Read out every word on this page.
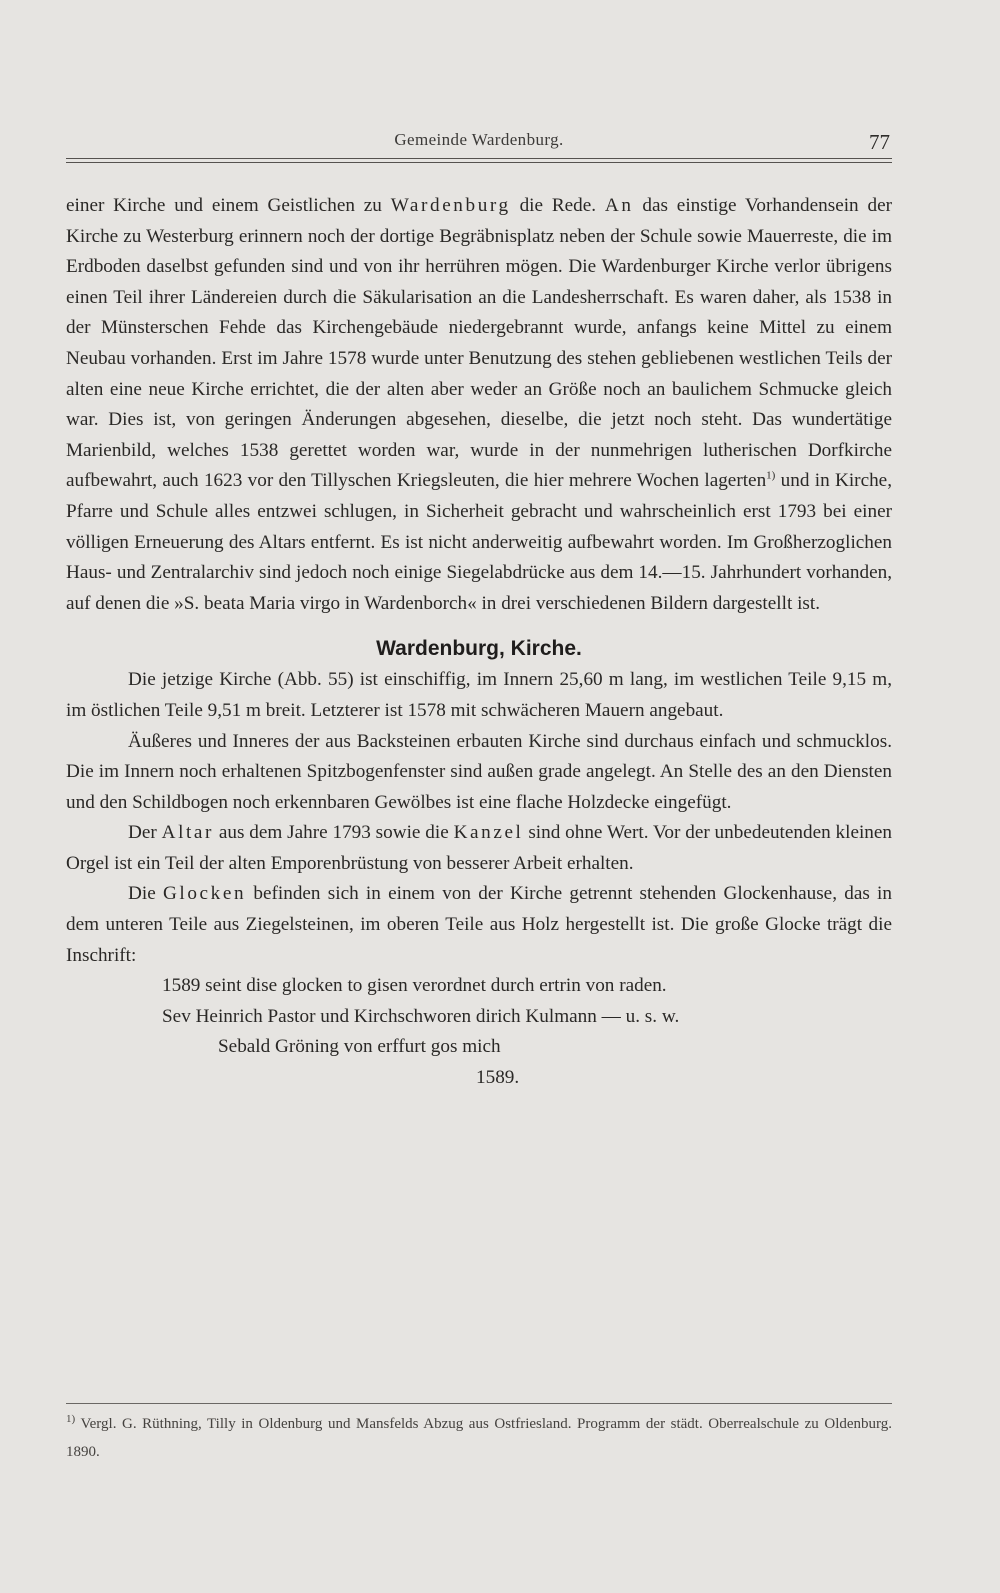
Gemeinde Wardenburg.	77

einer Kirche und einem Geistlichen zu Wardenburg die Rede. An das einstige Vorhandensein der Kirche zu Westerburg erinnern noch der dortige Begräbnisplatz neben der Schule sowie Mauerreste, die im Erdboden daselbst gefunden sind und von ihr herrühren mögen. Die Wardenburger Kirche verlor übrigens einen Teil ihrer Ländereien durch die Säkularisation an die Landesherrschaft. Es waren daher, als 1538 in der Münsterschen Fehde das Kirchengebäude niedergebrannt wurde, anfangs keine Mittel zu einem Neubau vorhanden. Erst im Jahre 1578 wurde unter Benutzung des stehen gebliebenen westlichen Teils der alten eine neue Kirche errichtet, die der alten aber weder an Größe noch an baulichem Schmucke gleich war. Dies ist, von geringen Änderungen abgesehen, dieselbe, die jetzt noch steht. Das wundertätige Marienbild, welches 1538 gerettet worden war, wurde in der nunmehrigen lutherischen Dorfkirche aufbewahrt, auch 1623 vor den Tillyschen Kriegsleuten, die hier mehrere Wochen lagerten$^{1)}$ und in Kirche, Pfarre und Schule alles entzwei schlugen, in Sicherheit gebracht und wahrscheinlich erst 1793 bei einer völligen Erneuerung des Altars entfernt. Es ist nicht anderweitig aufbewahrt worden. Im Großherzoglichen Haus- und Zentralarchiv sind jedoch noch einige Siegelabdrücke aus dem 14.—15. Jahrhundert vorhanden, auf denen die »S. beata Maria virgo in Wardenborch« in drei verschiedenen Bildern dargestellt ist.

Wardenburg, Kirche.

Die jetzige Kirche (Abb. 55) ist einschiffig, im Innern 25,60 m lang, im westlichen Teile 9,15 m, im östlichen Teile 9,51 m breit. Letzterer ist 1578 mit schwächeren Mauern angebaut.

Äußeres und Inneres der aus Backsteinen erbauten Kirche sind durchaus einfach und schmucklos. Die im Innern noch erhaltenen Spitzbogenfenster sind außen grade angelegt. An Stelle des an den Diensten und den Schildbogen noch erkennbaren Gewölbes ist eine flache Holzdecke eingefügt.

Der Altar aus dem Jahre 1793 sowie die Kanzel sind ohne Wert. Vor der unbedeutenden kleinen Orgel ist ein Teil der alten Emporenbrüstung von besserer Arbeit erhalten.

Die Glocken befinden sich in einem von der Kirche getrennt stehenden Glockenhause, das in dem unteren Teile aus Ziegelsteinen, im oberen Teile aus Holz hergestellt ist. Die große Glocke trägt die Inschrift:

1589 seint dise glocken to gisen verordnet durch ertrin von raden.
Sev Heinrich Pastor und Kirchschworen dirich Kulmann — u. s. w.
Sebald Gröning von erffurt gos mich
1589.
$^{1)}$ Vergl. G. Rüthning, Tilly in Oldenburg und Mansfelds Abzug aus Ostfriesland. Programm der städt. Oberrealschule zu Oldenburg. 1890.
